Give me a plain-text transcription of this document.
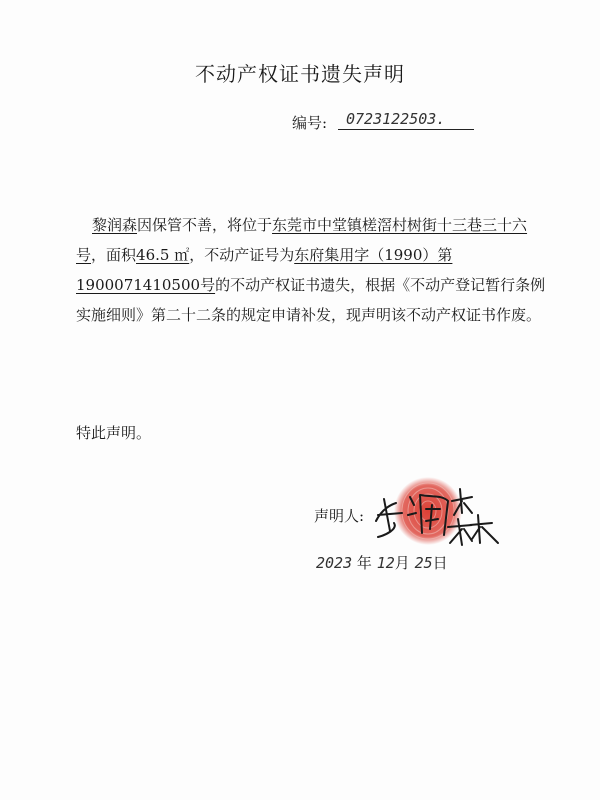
不动产权证书遗失声明
编号:	0723122503.
黎润森因保管不善，将位于东莞市中堂镇槎滘村树街十三巷三十六号，面积46.5 ㎡，不动产证号为东府集用字（1990）第1900071410500号的不动产权证书遗失，根据《不动产登记暂行条例实施细则》第二十二条的规定申请补发，现声明该不动产权证书作废。
特此声明。
声明人:
2023 年 12月 25日
